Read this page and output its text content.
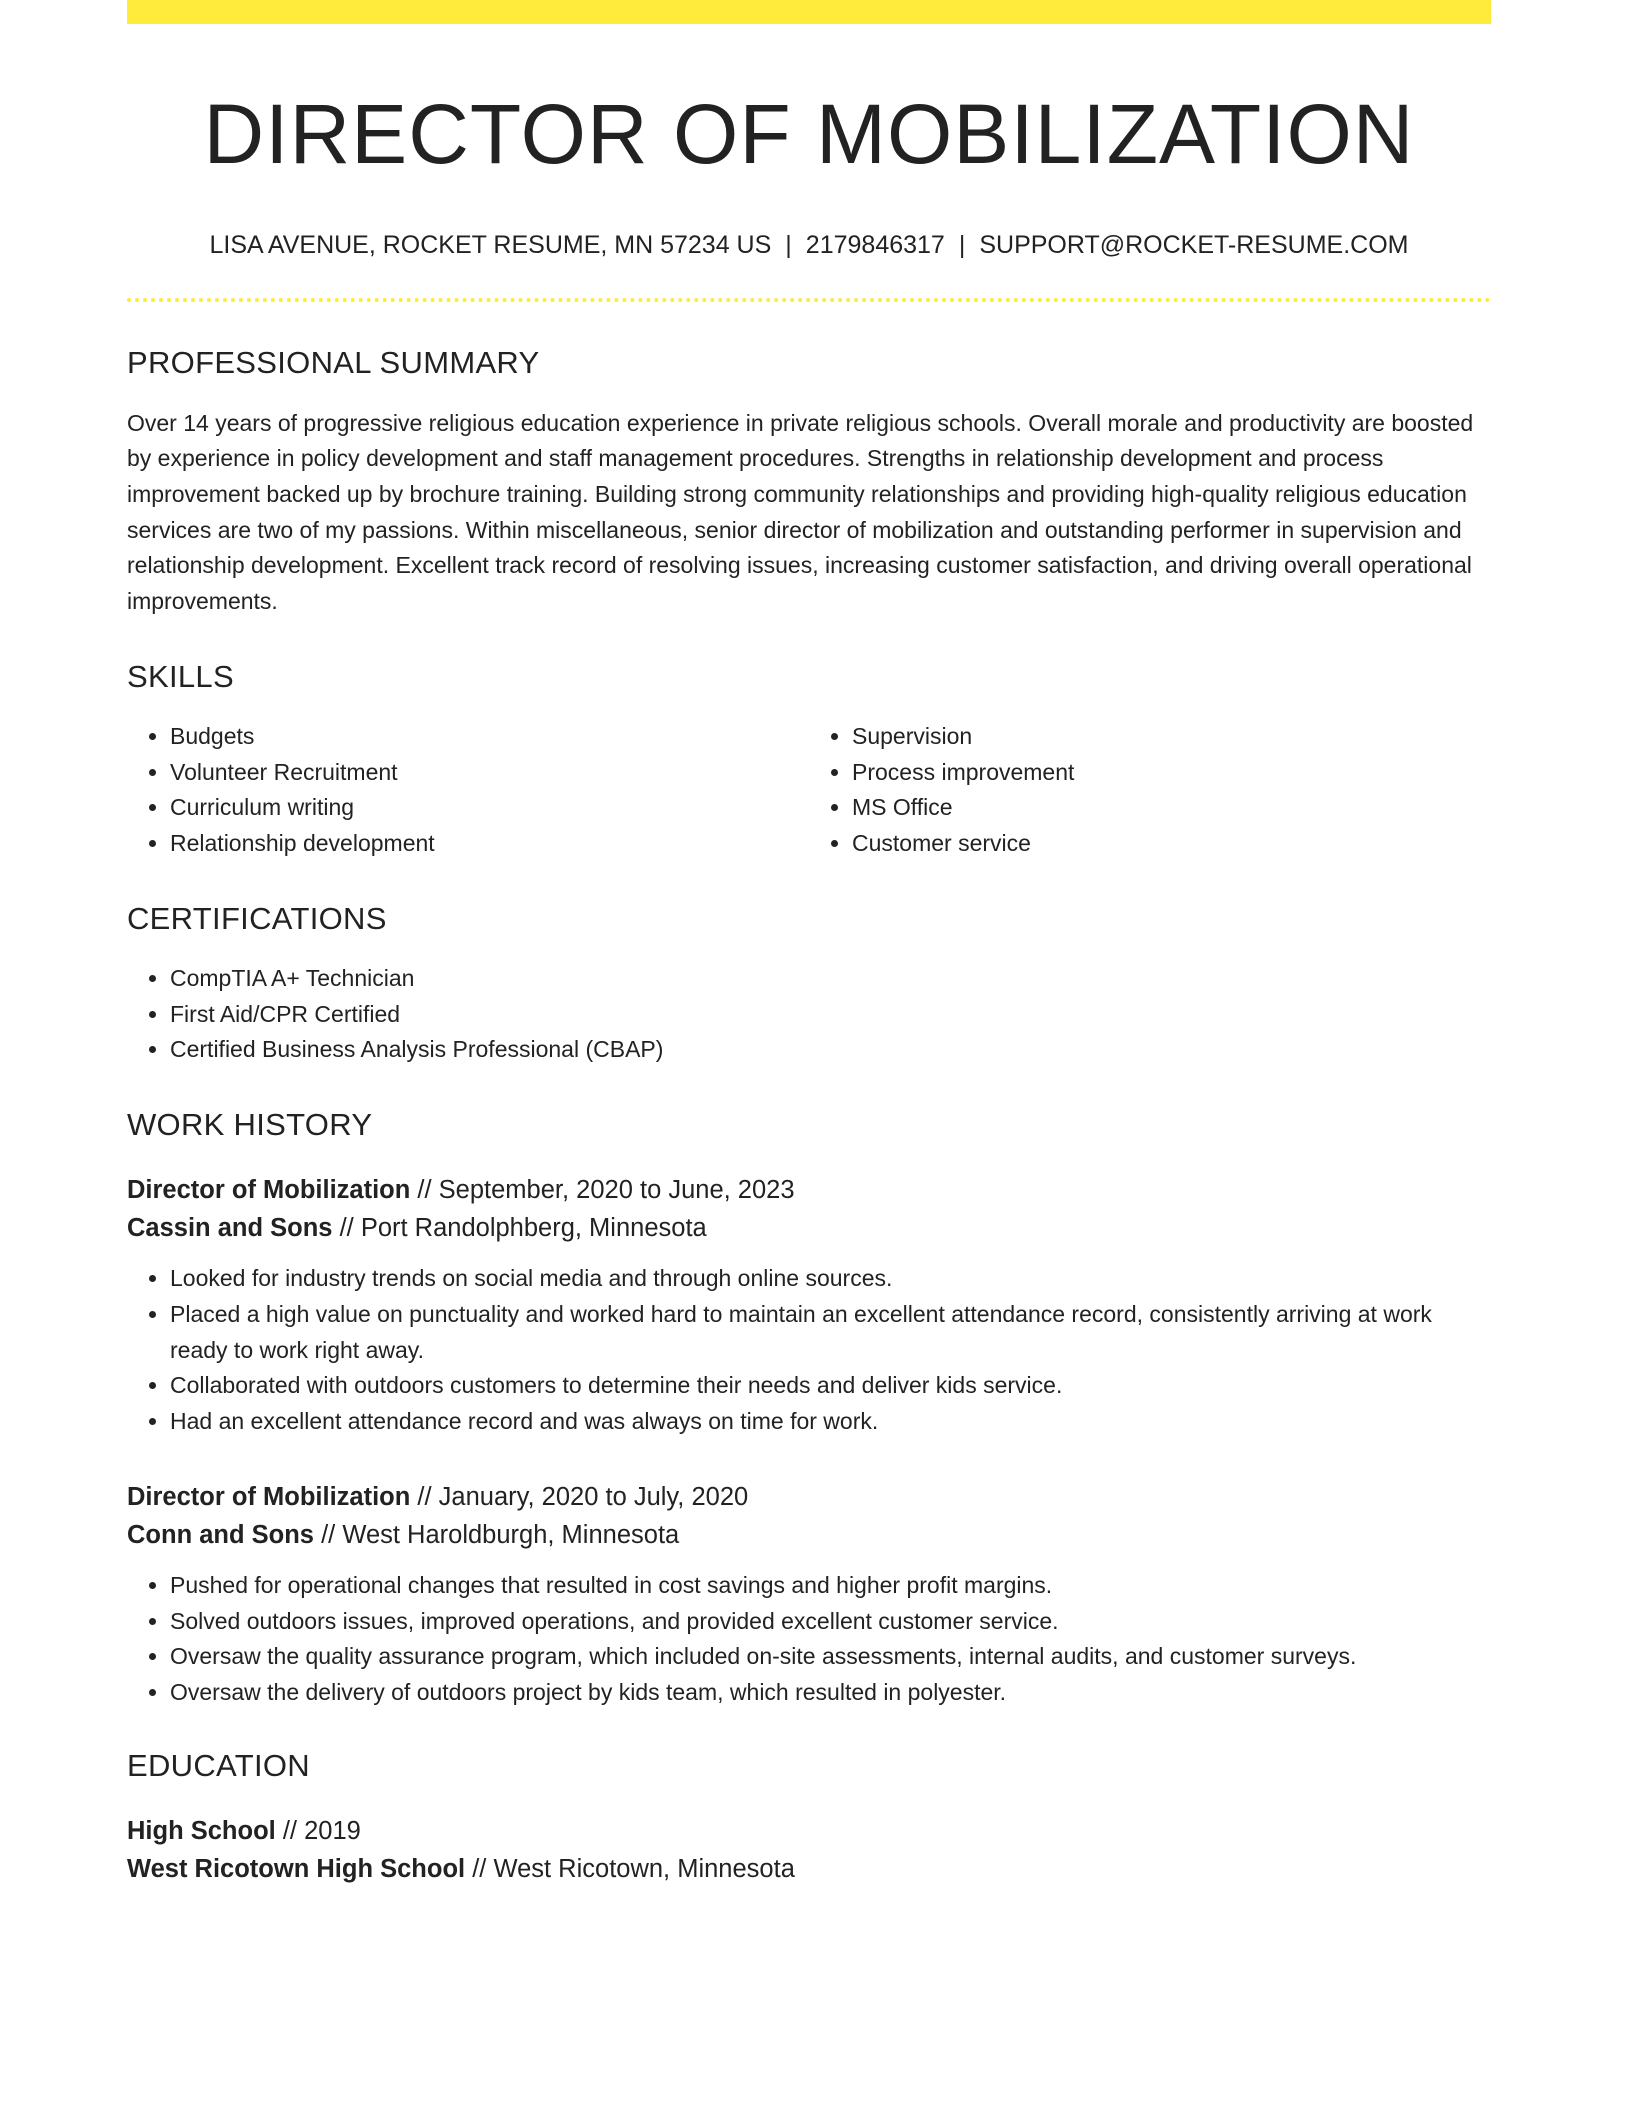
DIRECTOR OF MOBILIZATION
LISA AVENUE, ROCKET RESUME, MN 57234 US | 2179846317 | SUPPORT@ROCKET-RESUME.COM
PROFESSIONAL SUMMARY
Over 14 years of progressive religious education experience in private religious schools. Overall morale and productivity are boosted by experience in policy development and staff management procedures. Strengths in relationship development and process improvement backed up by brochure training. Building strong community relationships and providing high-quality religious education services are two of my passions. Within miscellaneous, senior director of mobilization and outstanding performer in supervision and relationship development. Excellent track record of resolving issues, increasing customer satisfaction, and driving overall operational improvements.
SKILLS
• Budgets
• Volunteer Recruitment
• Curriculum writing
• Relationship development
• Supervision
• Process improvement
• MS Office
• Customer service
CERTIFICATIONS
• CompTIA A+ Technician
• First Aid/CPR Certified
• Certified Business Analysis Professional (CBAP)
WORK HISTORY
Director of Mobilization // September, 2020 to June, 2023
Cassin and Sons // Port Randolphberg, Minnesota
• Looked for industry trends on social media and through online sources.
• Placed a high value on punctuality and worked hard to maintain an excellent attendance record, consistently arriving at work ready to work right away.
• Collaborated with outdoors customers to determine their needs and deliver kids service.
• Had an excellent attendance record and was always on time for work.
Director of Mobilization // January, 2020 to July, 2020
Conn and Sons // West Haroldburgh, Minnesota
• Pushed for operational changes that resulted in cost savings and higher profit margins.
• Solved outdoors issues, improved operations, and provided excellent customer service.
• Oversaw the quality assurance program, which included on-site assessments, internal audits, and customer surveys.
• Oversaw the delivery of outdoors project by kids team, which resulted in polyester.
EDUCATION
High School // 2019
West Ricotown High School // West Ricotown, Minnesota
